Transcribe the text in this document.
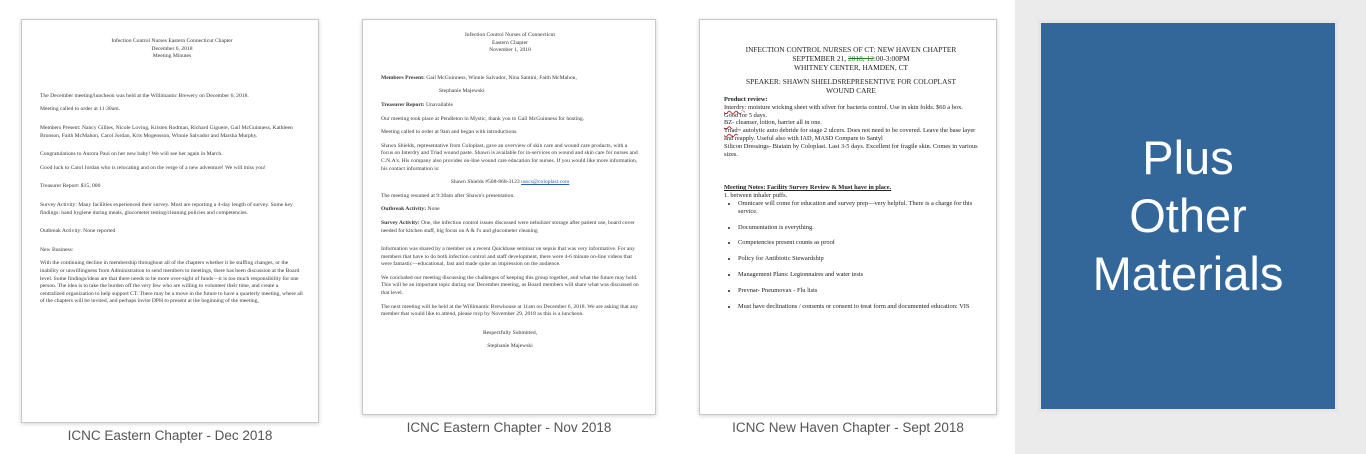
Infection Control Nurses Eastern Connecticut Chapter

December 6, 2018

Meeting Minutes

The December meeting/luncheon was held at the Willimantic Brewery on December 6, 2018.

Meeting called to order at 11:30am.

Members Present: Nancy Gillies, Nicole Loving, Kristen Rodman, Richard Giguere, Gail McGuinness, Kathleen Bronson, Faith McMahon, Carol Jordan, Kris Mogensson, Winnie Salvador and Marsha Murphy.

Congratulations to Aurora Paul on her new baby! We will see her again in March.

Good luck to Carol Jordan who is relocating and on the verge of a new adventure! We will miss you!

Treasurer Report: $15, 000

Survey Activity: Many facilities experienced their survey. Most are reporting a 4-day length of survey. Some key findings: hand hygiene during meals, glucometer testing/cleaning policies and competencies.

Outbreak Activity: None reported

New Business:

With the continuing decline in membership throughout all of the chapters whether it be staffing changes, or the inability or unwillingness from Administration to send members to meetings, there has been discussion at the Board level. Some findings/ideas are that there needs to be more over-sight of funds—it is too much responsibility for one person. The idea is to take the burden off the very few who are willing to volunteer their time, and create a centralized organization to help support CT. There may be a move in the future to have a quarterly meeting, where all of the chapters will be invited, and perhaps invite DPH to present at the beginning of the meeting,

ICNC Eastern Chapter - Dec 2018

Infection Control Nurses of Connecticut

Eastern Chapter

November 1, 2018

Members Present: Gail McGuinness, Winnie Salvador, Nina Santini, Faith McMahon,

Stephanie Majewski

Treasurer Report: Unavailable

Our meeting took place at Pendleton in Mystic, thank you to Gail McGuinness for hosting.

Meeting called to order at 9am and began with introductions.

Shawn Shields, representative from Coloplast, gave an overview of skin care and wound care products, with a focus on Interdry and Triad wound paste. Shawn is available for in-services on wound and skin care for nurses and C.N.A's. His company also provides on-line wound care education for nurses. If you would like more information, his contact information is:

Shawn Shields #508-868-3123 usscs@coloplast.com

The meeting resumed at 9:30am after Shawn's presentation.

Outbreak Activity: None

Survey Activity: One, the infection control issues discussed were nebulizer storage after patient use, board cover needed for kitchen staff, big focus on A & I's and glucometer cleaning

Information was shared by a member on a recent Quickbase seminar on sepsis that was very informative. For any members that have to do both infection control and staff development, there were 4-6 minute on-line videos that were fantastic—educational, fast and made quite an impression on the audience.

We concluded our meeting discussing the challenges of keeping this group together, and what the future may hold. This will be an important topic during our December meeting, as Board members will share what was discussed on that level.

The next meeting will be held at the Willimantic Brewhouse at 11am on December 6, 2018. We are asking that any member that would like to attend, please rsvp by November 29, 2018 as this is a luncheon.

Respectfully Submitted,

Stephanie Majewski

ICNC Eastern Chapter - Nov 2018

INFECTION CONTROL NURSES OF CT: NEW HAVEN CHAPTER

SEPTEMBER 21, 2018, 12:00-3:00PM

WHITNEY CENTER, HAMDEN, CT

SPEAKER: SHAWN SHIELDSREPRESENTIVE FOR COLOPLAST

WOUND CARE

Product review:

Interdry: moisture wicking sheet with silver for bacteria control. Use in skin folds. $60 a box. Good for 5 days.

BZ- cleanser, lotion, barrier all in one.

Triad= autolytic auto debride for stage 2 ulcers. Does not need to be covered. Leave the base layer and reapply. Useful also with IAD, MASD Compare to Santyl

Silicon Dressings- Biatain by Coloplast. Last 3-5 days. Excellent for fragile skin. Comes in various sizes.

Meeting Notes: Facility Survey Review & Must have in place.

1. between inhaler puffs.

• Omnicare will come for education and survey prep—very helpful. There is a charge for this service.
• Documentation is everything.
• Competencies present counts as proof
• Policy for Antibiotic Stewardship
• Management Plans: Legionnaires and water tests
• Prevnar- Pneumovax - Flu lists
• Must have declinations / consents or consent to treat form and documented education: VIS
ICNC New Haven Chapter - Sept 2018
Plus
Other
Materials
